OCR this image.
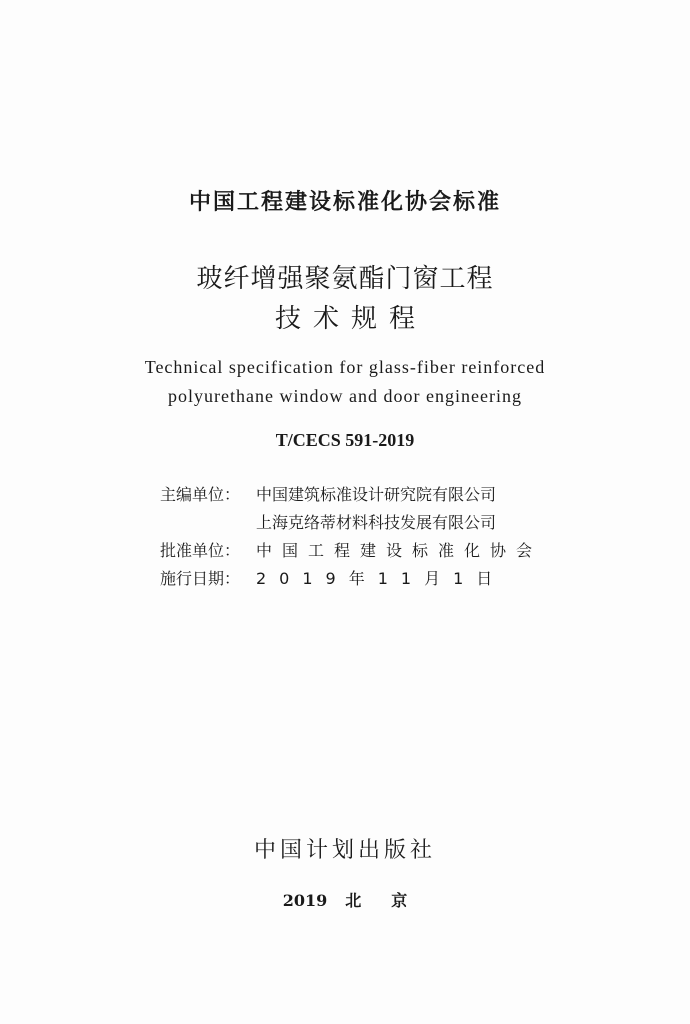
中国工程建设标准化协会标准
玻纤增强聚氨酯门窗工程
技术规程
Technical specification for glass-fiber reinforced
polyurethane window and door engineering
T/CECS 591-2019
主编单位： 中国建筑标准设计研究院有限公司
上海克络蒂材料科技发展有限公司
批准单位： 中国工程建设标准化协会
施行日期： 2019年11月1日
中国计划出版社
2019 北 京
